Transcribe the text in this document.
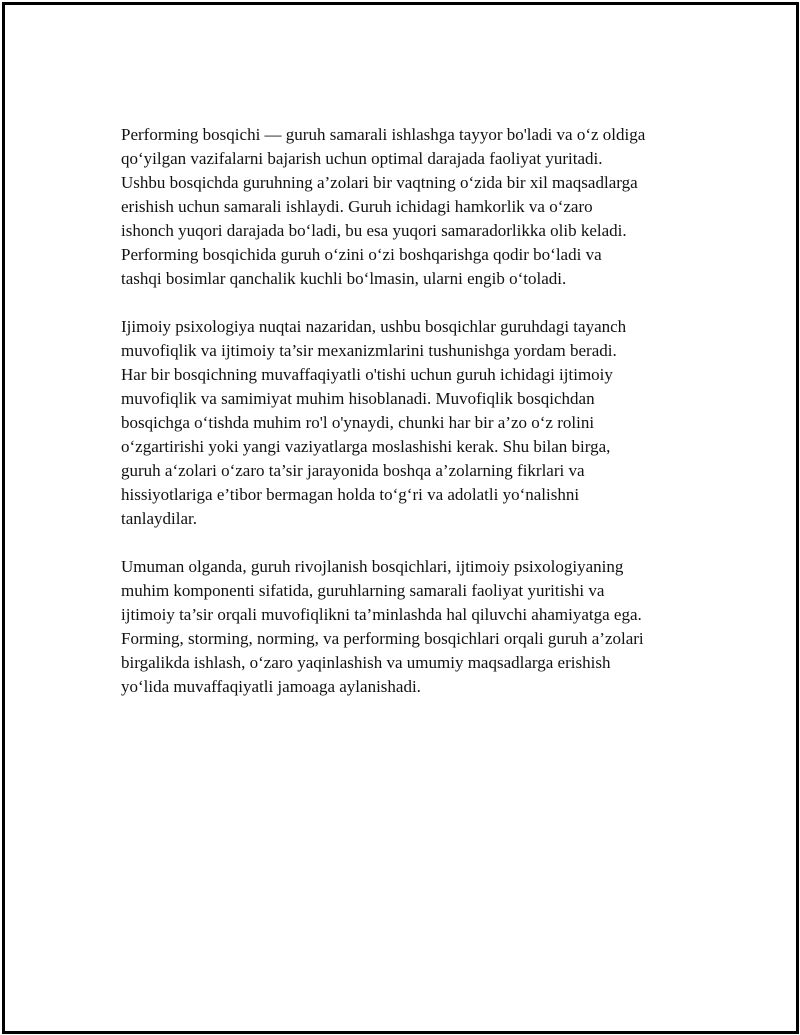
Performing bosqichi — guruh samarali ishlashga tayyor bo'ladi va o‘z oldiga
qo‘yilgan vazifalarni bajarish uchun optimal darajada faoliyat yuritadi.
Ushbu bosqichda guruhning a’zolari bir vaqtning o‘zida bir xil maqsadlarga
erishish uchun samarali ishlaydi. Guruh ichidagi hamkorlik va o‘zaro
ishonch yuqori darajada bo‘ladi, bu esa yuqori samaradorlikka olib keladi.
Performing bosqichida guruh o‘zini o‘zi boshqarishga qodir bo‘ladi va
tashqi bosimlar qanchalik kuchli bo‘lmasin, ularni engib o‘toladi.

Ijimoiy psixologiya nuqtai nazaridan, ushbu bosqichlar guruhdagi tayanch
muvofiqlik va ijtimoiy ta’sir mexanizmlarini tushunishga yordam beradi.
Har bir bosqichning muvaffaqiyatli o'tishi uchun guruh ichidagi ijtimoiy
muvofiqlik va samimiyat muhim hisoblanadi. Muvofiqlik bosqichdan
bosqichga o‘tishda muhim ro'l o'ynaydi, chunki har bir a’zo o‘z rolini
o‘zgartirishi yoki yangi vaziyatlarga moslashishi kerak. Shu bilan birga,
guruh a‘zolari o‘zaro ta’sir jarayonida boshqa a’zolarning fikrlari va
hissiyotlariga e’tibor bermagan holda to‘g‘ri va adolatli yo‘nalishni
tanlaydilar.

Umuman olganda, guruh rivojlanish bosqichlari, ijtimoiy psixologiyaning
muhim komponenti sifatida, guruhlarning samarali faoliyat yuritishi va
ijtimoiy ta’sir orqali muvofiqlikni ta’minlashda hal qiluvchi ahamiyatga ega.
Forming, storming, norming, va performing bosqichlari orqali guruh a’zolari
birgalikda ishlash, o‘zaro yaqinlashish va umumiy maqsadlarga erishish
yo‘lida muvaffaqiyatli jamoaga aylanishadi.
